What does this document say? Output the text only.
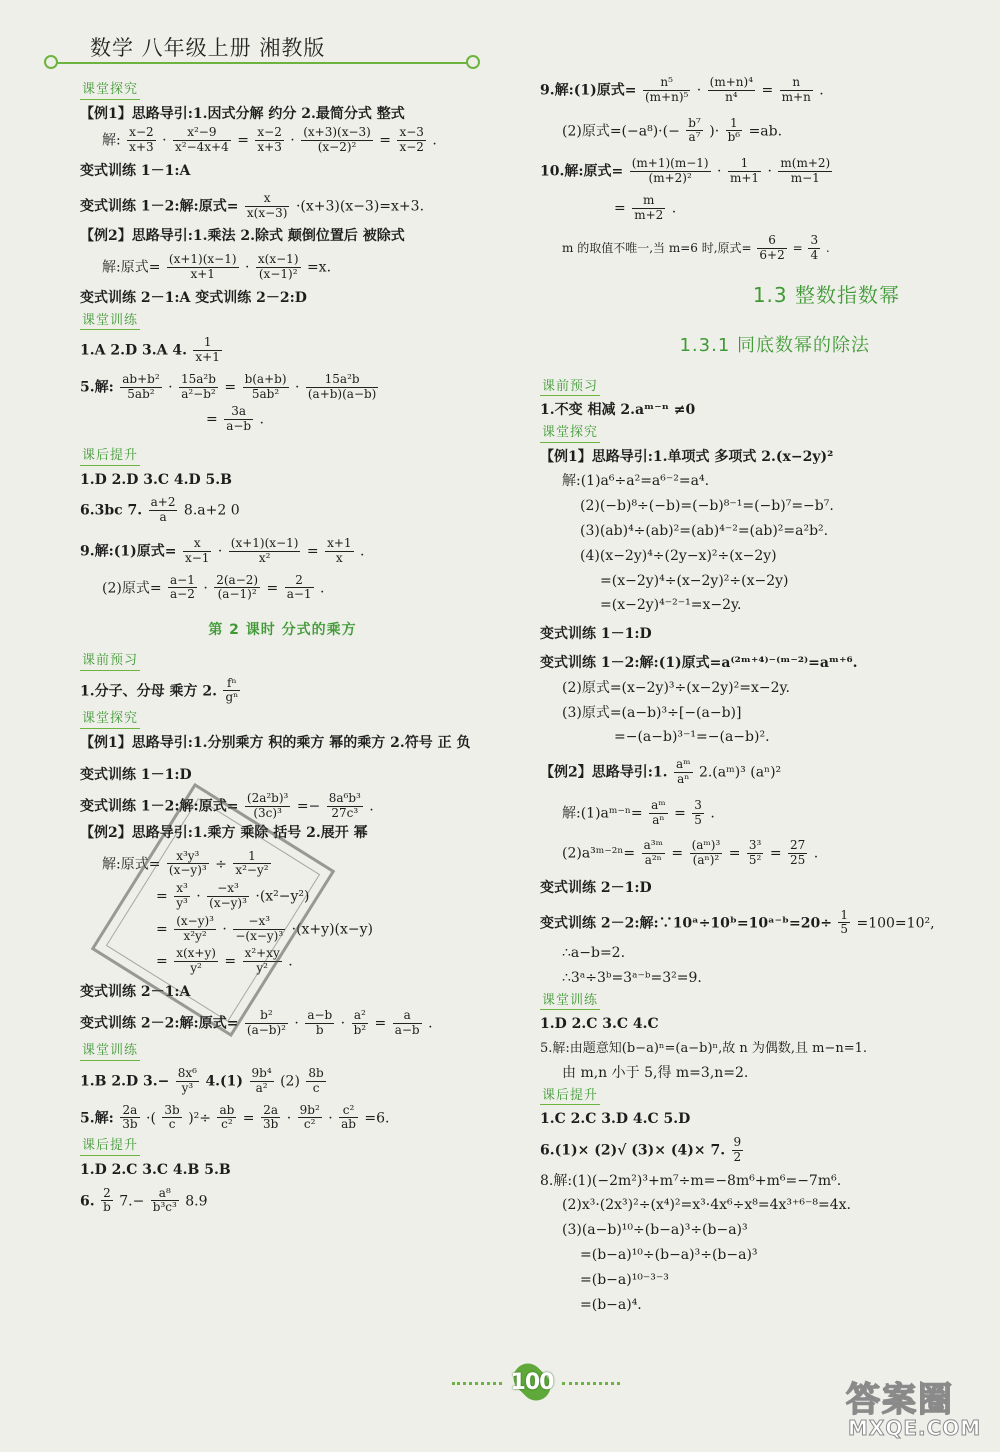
数学 八年级上册 湘教版
课堂探究
【例1】思路导引:1.因式分解 约分 2.最简分式 整式
解: $\frac{x-2}{x+3} \cdot \frac{\text{x²−9}}{\text{x²−4x+4}} = \frac{x-2}{x+3} \cdot \frac{(x+3)(x-3)}{\text{(x−2)²}} = \frac{x-3}{x-2}$ .
变式训练 1－1:A
变式训练 1－2:解:原式= $\frac{x}{x(x-3)} \cdot(x+3)(x-3)=x+3$.
【例2】思路导引:1.乘法 2.除式 颠倒位置后 被除式
解:原式= $\frac{(x+1)(x-1)}{x+1} \cdot \frac{x(x-1)}{\text{(x−1)²}} =x$.
变式训练 2－1:A 变式训练 2－2:D
课堂训练
1.A 2.D 3.A 4. $\frac{1}{x+1}$
5.解: $\frac{\text{ab+b²}}{\text{5ab²}} \cdot \frac{\text{15a²b}}{\text{a²−b²}} = \frac{b(a+b)}{\text{5ab²}} \cdot \frac{\text{15a²b}}{(a+b)(a-b)}$
= $\frac{3a}{a-b}$ .
课后提升
1.D 2.D 3.C 4.D 5.B
6.3bc 7. $\frac{a+2}{a} 8.a+2$ 0
9.解:(1)原式= $\frac{x}{x-1} \cdot \frac{(x+1)(x-1)}{\text{x²}} = \frac{x+1}{x}$ .
(2)原式= $\frac{a-1}{a-2} \cdot \frac{2(a-2)}{\text{(a−1)²}} = \frac{2}{a-1}$ .
第 2 课时 分式的乘方
课前预习
1.分子、分母 乘方 2. $\frac{\text{fⁿ}}{\text{gⁿ}}$
课堂探究
【例1】思路导引:1.分别乘方 积的乘方 幂的乘方 2.符号 正 负
变式训练 1－1:D
变式训练 1－2:解:原式= $\frac{\text{(2a²b)³}}{\text{(3c)³}} =- \frac{\text{8a⁶b³}}{\text{27c³}}$ .
【例2】思路导引:1.乘方 乘除 括号 2.展开 幂
解:原式= $\frac{\text{x³y³}}{\text{(x−y)³}} \div \frac{1}{\text{x²−y²}}$
= $\frac{\text{x³}}{\text{y³}} \cdot \frac{\text{−x³}}{\text{(x−y)³}} \cdot(x^2-y^2)$
= $\frac{\text{(x−y)³}}{\text{x²y²}} \cdot \frac{\text{−x³}}{\text{−(x−y)³}} \cdot(x+y)(x-y)$
= $\frac{x(x+y)}{\text{y²}} = \frac{\text{x²+xy}}{\text{y²}}$ .
变式训练 2－1:A
变式训练 2－2:解:原式= $\frac{\text{b²}}{\text{(a−b)²}} \cdot \frac{a-b}{b} \cdot \frac{\text{a²}}{\text{b²}} = \frac{a}{a-b}$ .
课堂训练
1.B 2.D $3.- \frac{\text{8x⁶}}{\text{y³}} 4.(1) \frac{\text{9b⁴}}{\text{a²}} (2) \frac{8b}{c}$
5.解: $\frac{2a}{3b}$ ·( $\frac{3b}{c} )^2\div \frac{ab}{\text{c²}} = \frac{2a}{3b} \cdot \frac{\text{9b²}}{\text{c²}} \cdot \frac{\text{c²}}{ab} =6$.
课后提升
1.D 2.C 3.C 4.B 5.B
6. $\frac{2}{b} 7.- \frac{\text{a⁸}}{\text{b³c³}} 8.9$
9.解:(1)原式= $\frac{\text{n⁵}}{\text{(m+n)⁵}} \cdot \frac{\text{(m+n)⁴}}{\text{n⁴}} = \frac{n}{m+n}$ .
(2)原式$=(-a^8)\cdot(- \frac{\text{b⁷}}{\text{a⁷}}$ )· $\frac{1}{\text{b⁶}} =ab$.
10.解:原式= $\frac{(m+1)(m-1)}{\text{(m+2)²}} \cdot \frac{1}{m+1} \cdot \frac{m(m+2)}{m-1}$
= $\frac{m}{m+2}$ .
m 的取值不唯一,当 m=6 时,原式= $\frac{6}{6+2} = \frac{3}{4}$ .
1.3 整数指数幂
1.3.1 同底数幂的除法
课前预习
1.不变 相减 2.aᵐ⁻ⁿ ≠0
课堂探究
【例1】思路导引:1.单项式 多项式 2.(x−2y)²
解:(1)a⁶÷a²=a⁶⁻²=a⁴.
(2)(−b)⁸÷(−b)=(−b)⁸⁻¹=(−b)⁷=−b⁷.
(3)(ab)⁴÷(ab)²=(ab)⁴⁻²=(ab)²=a²b².
(4)(x−2y)⁴÷(2y−x)²÷(x−2y)
=(x−2y)⁴÷(x−2y)²÷(x−2y)
=(x−2y)⁴⁻²⁻¹=x−2y.
变式训练 1－1:D
变式训练 1－2:解:(1)原式=a⁽²ᵐ⁺⁴⁾⁻⁽ᵐ⁻²⁾=aᵐ⁺⁶.
(2)原式=(x−2y)³÷(x−2y)²=x−2y.
(3)原式=(a−b)³÷[−(a−b)]
=−(a−b)³⁻¹=−(a−b)².
【例2】思路导引:1. $\frac{\text{aᵐ}}{\text{aⁿ}}$ 2.(aᵐ)³ (aⁿ)²
解:(1)aᵐ⁻ⁿ= $\frac{\text{aᵐ}}{\text{aⁿ}} = \frac{3}{5}$ .
(2)a³ᵐ⁻²ⁿ= $\frac{\text{a³ᵐ}}{\text{a²ⁿ}} = \frac{\text{(aᵐ)³}}{\text{(aⁿ)²}} = \frac{\text{3³}}{\text{5²}} = \frac{27}{25}$ .
变式训练 2－1:D
变式训练 2－2:解:∵10ᵃ÷10ᵇ=10ᵃ⁻ᵇ=20÷ $\frac{1}{5} =100=10^2$,
∴a−b=2.
∴3ᵃ÷3ᵇ=3ᵃ⁻ᵇ=3²=9.
课堂训练
1.D 2.C 3.C 4.C
5.解:由题意知(b−a)ⁿ=(a−b)ⁿ,故 n 为偶数,且 m−n=1.
由 m,n 小于 5,得 m=3,n=2.
课后提升
1.C 2.C 3.D 4.C 5.D
6.(1)× (2)√ (3)× (4)× 7. $\frac{9}{2}$
8.解:(1)(−2m²)³+m⁷÷m=−8m⁶+m⁶=−7m⁶.
(2)x³·(2x³)²÷(x⁴)²=x³·4x⁶÷x⁸=4x³⁺⁶⁻⁸=4x.
(3)(a−b)¹⁰÷(b−a)³÷(b−a)³
=(b−a)¹⁰÷(b−a)³÷(b−a)³
=(b−a)¹⁰⁻³⁻³
=(b−a)⁴.
100	答案圈
MXQE.COM
